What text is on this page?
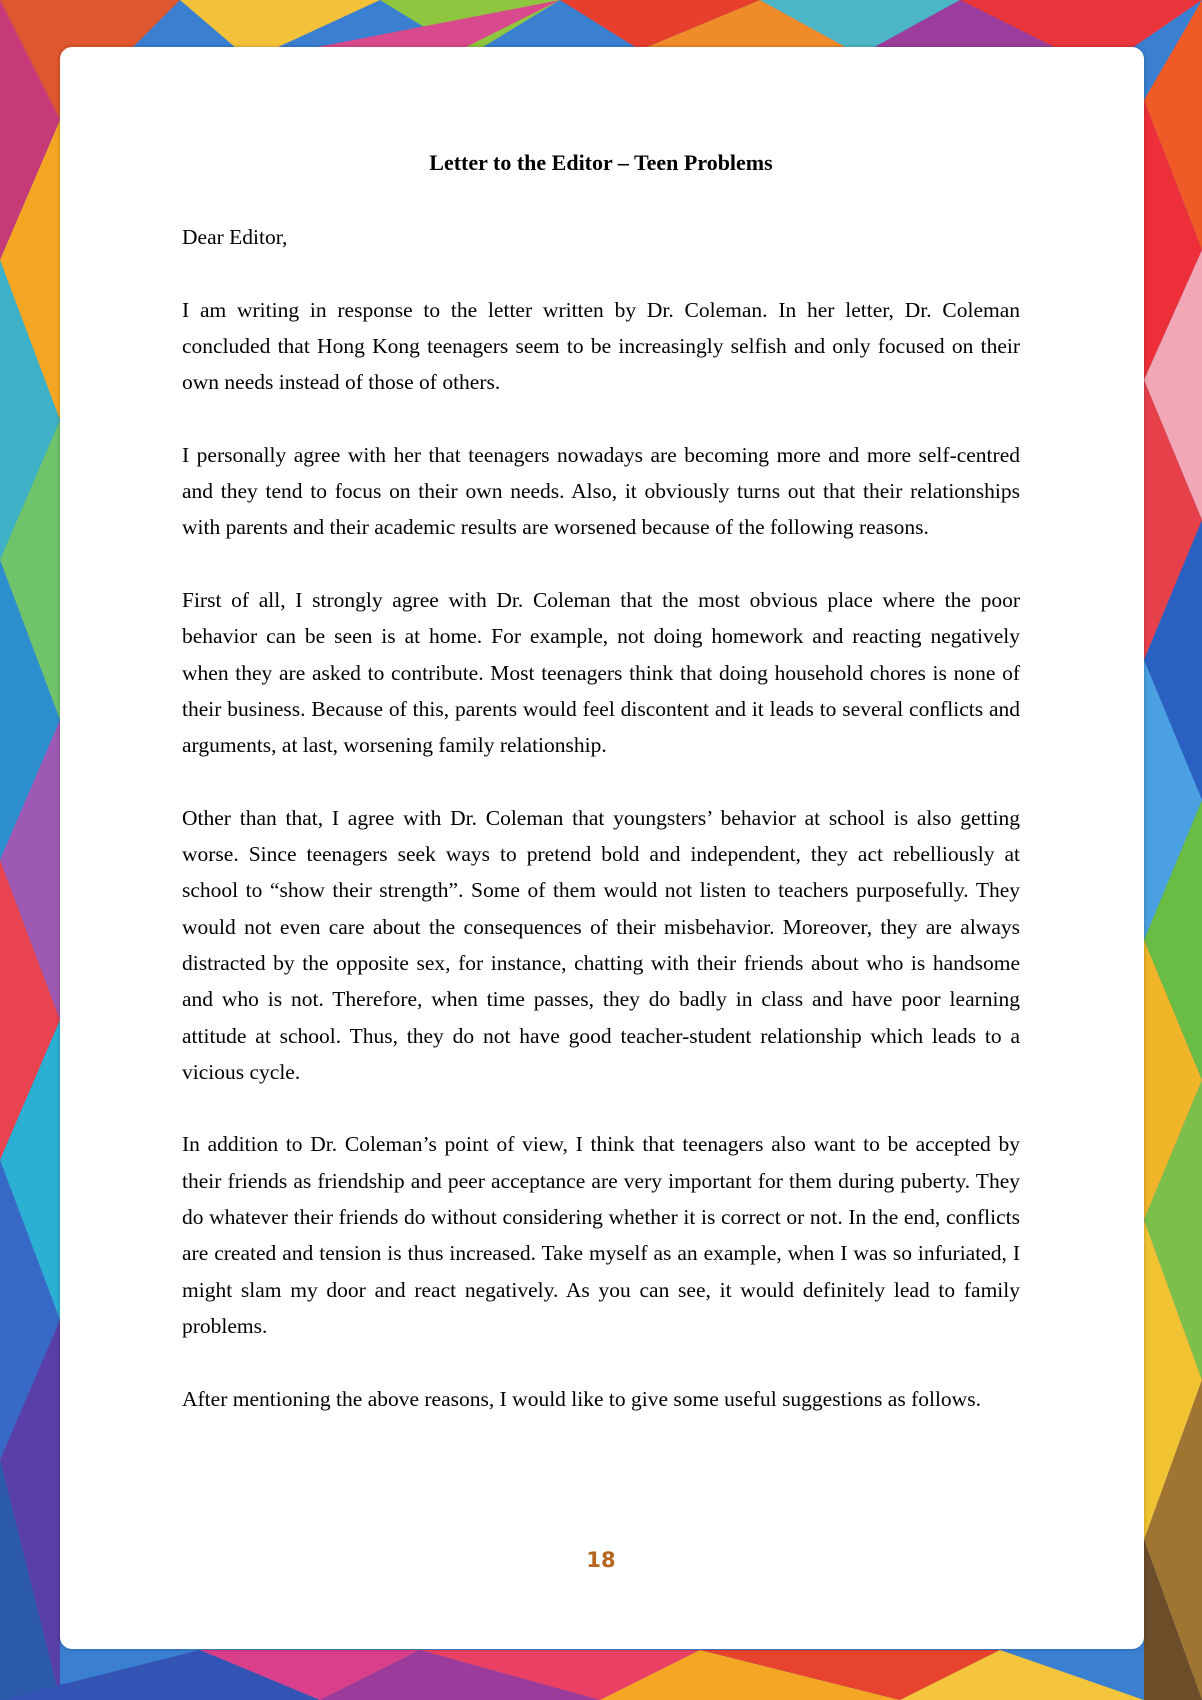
Letter to the Editor – Teen Problems

Dear Editor,

I am writing in response to the letter written by Dr. Coleman. In her letter, Dr. Coleman concluded that Hong Kong teenagers seem to be increasingly selfish and only focused on their own needs instead of those of others.

I personally agree with her that teenagers nowadays are becoming more and more self-centred and they tend to focus on their own needs. Also, it obviously turns out that their relationships with parents and their academic results are worsened because of the following reasons.

First of all, I strongly agree with Dr. Coleman that the most obvious place where the poor behavior can be seen is at home. For example, not doing homework and reacting negatively when they are asked to contribute. Most teenagers think that doing household chores is none of their business. Because of this, parents would feel discontent and it leads to several conflicts and arguments, at last, worsening family relationship.

Other than that, I agree with Dr. Coleman that youngsters’ behavior at school is also getting worse. Since teenagers seek ways to pretend bold and independent, they act rebelliously at school to “show their strength”. Some of them would not listen to teachers purposefully. They would not even care about the consequences of their misbehavior. Moreover, they are always distracted by the opposite sex, for instance, chatting with their friends about who is handsome and who is not. Therefore, when time passes, they do badly in class and have poor learning attitude at school. Thus, they do not have good teacher-student relationship which leads to a vicious cycle.

In addition to Dr. Coleman’s point of view, I think that teenagers also want to be accepted by their friends as friendship and peer acceptance are very important for them during puberty. They do whatever their friends do without considering whether it is correct or not. In the end, conflicts are created and tension is thus increased. Take myself as an example, when I was so infuriated, I might slam my door and react negatively. As you can see, it would definitely lead to family problems.

After mentioning the above reasons, I would like to give some useful suggestions as follows.

18
